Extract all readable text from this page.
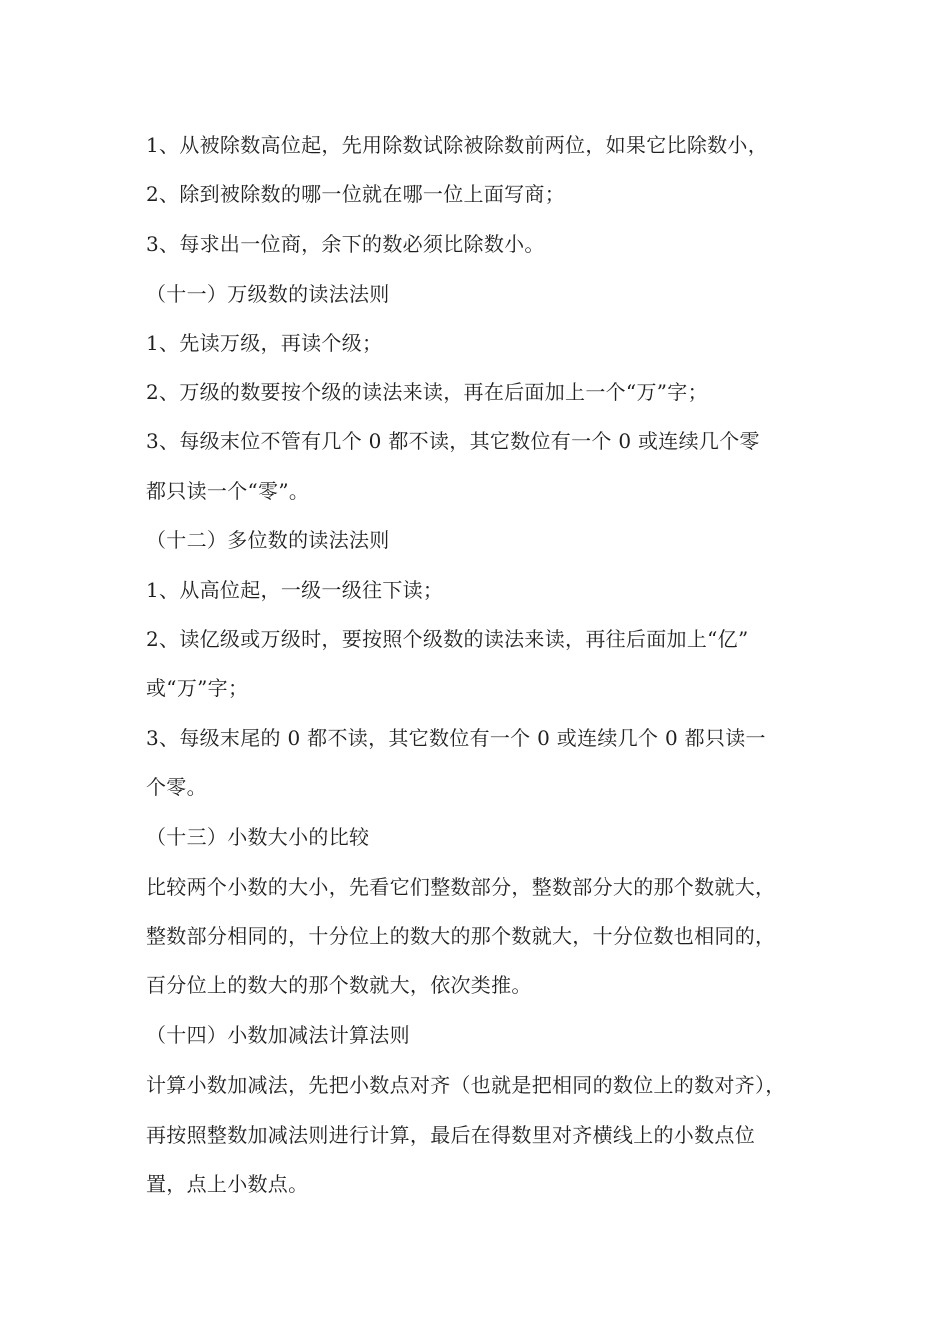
1、从被除数高位起，先用除数试除被除数前两位，如果它比除数小，

2、除到被除数的哪一位就在哪一位上面写商；

3、每求出一位商，余下的数必须比除数小。

（十一）万级数的读法法则

1、先读万级，再读个级；

2、万级的数要按个级的读法来读，再在后面加上一个“万”字；

3、每级末位不管有几个 0 都不读，其它数位有一个 0 或连续几个零

都只读一个“零”。

（十二）多位数的读法法则

1、从高位起，一级一级往下读；

2、读亿级或万级时，要按照个级数的读法来读，再往后面加上“亿”

或“万”字；

3、每级末尾的 0 都不读，其它数位有一个 0 或连续几个 0 都只读一

个零。

（十三）小数大小的比较

比较两个小数的大小，先看它们整数部分，整数部分大的那个数就大，

整数部分相同的，十分位上的数大的那个数就大，十分位数也相同的，

百分位上的数大的那个数就大，依次类推。

（十四）小数加减法计算法则

计算小数加减法，先把小数点对齐（也就是把相同的数位上的数对齐），

再按照整数加减法则进行计算，最后在得数里对齐横线上的小数点位

置，点上小数点。
